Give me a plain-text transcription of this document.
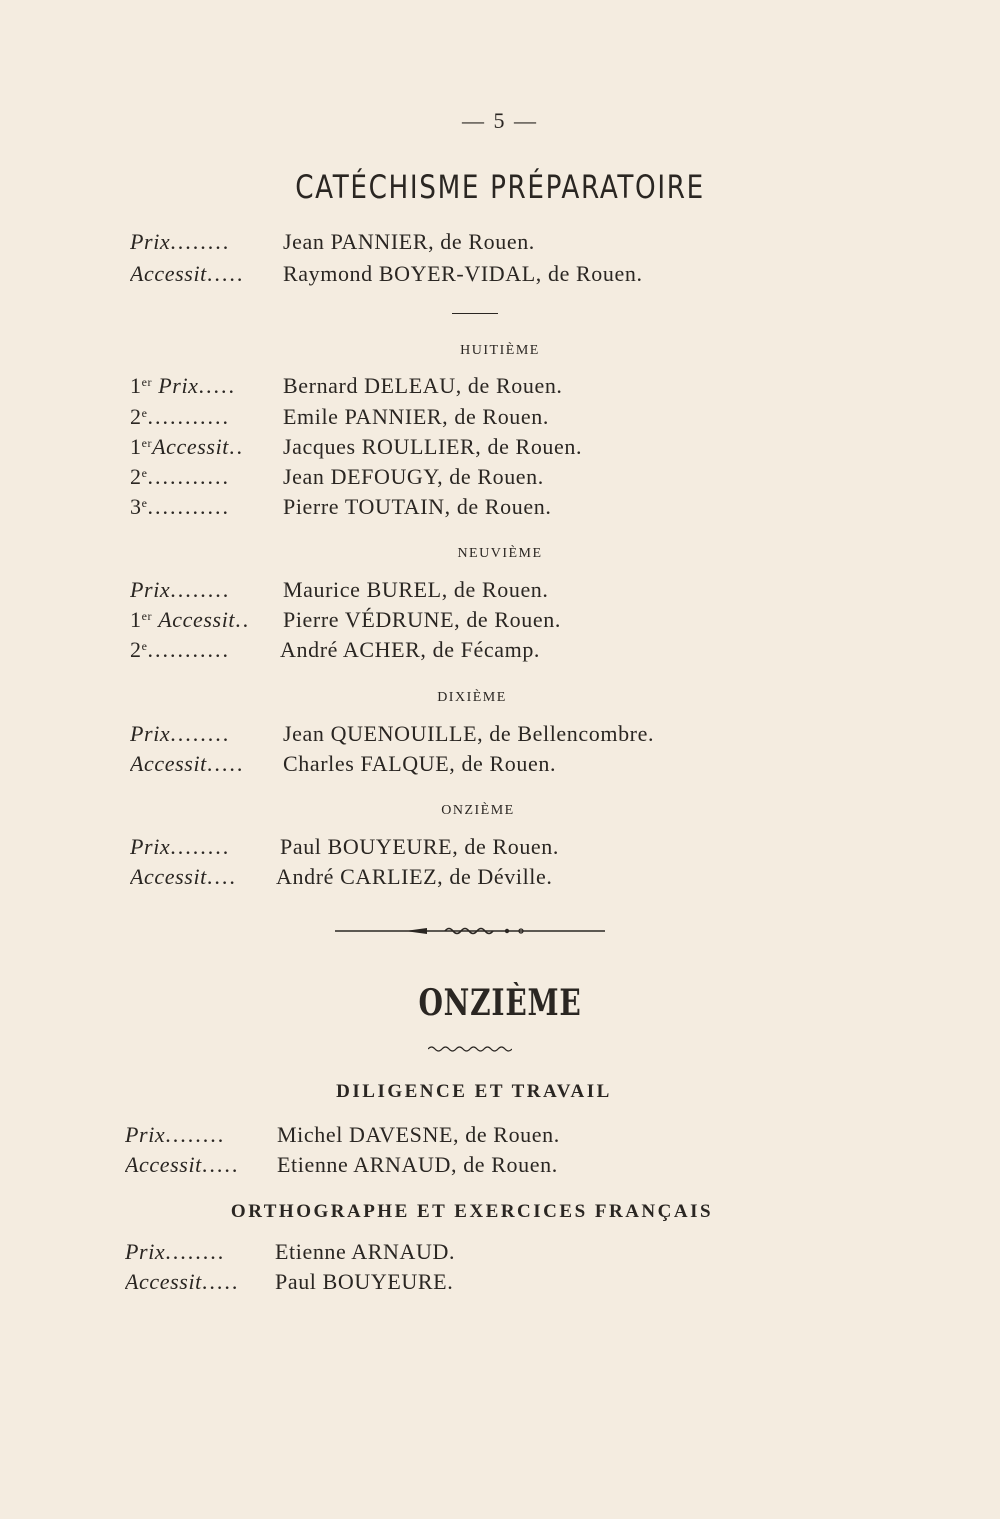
— 5 —
CATÉCHISME PRÉPARATOIRE
Prix........	Jean PANNIER, de Rouen.
Accessit.....	Raymond BOYER-VIDAL, de Rouen.
HUITIÈME
1er Prix.....	Bernard DELEAU, de Rouen.
2e...........	Emile PANNIER, de Rouen.
1erAccessit..	Jacques ROULLIER, de Rouen.
2e...........	Jean DEFOUGY, de Rouen.
3e...........	Pierre TOUTAIN, de Rouen.
NEUVIÈME
Prix........	Maurice BUREL, de Rouen.
1er Accessit..	Pierre VÉDRUNE, de Rouen.
2e...........	André ACHER, de Fécamp.
DIXIÈME
Prix........	Jean QUENOUILLE, de Bellencombre.
Accessit.....	Charles FALQUE, de Rouen.
ONZIÈME
Prix........	Paul BOUYEURE, de Rouen.
Accessit....	André CARLIEZ, de Déville.
ONZIÈME
DILIGENCE ET TRAVAIL
Prix........	Michel DAVESNE, de Rouen.
Accessit.....	Etienne ARNAUD, de Rouen.
ORTHOGRAPHE ET EXERCICES FRANÇAIS
Prix........	Etienne ARNAUD.
Accessit.....	Paul BOUYEURE.
